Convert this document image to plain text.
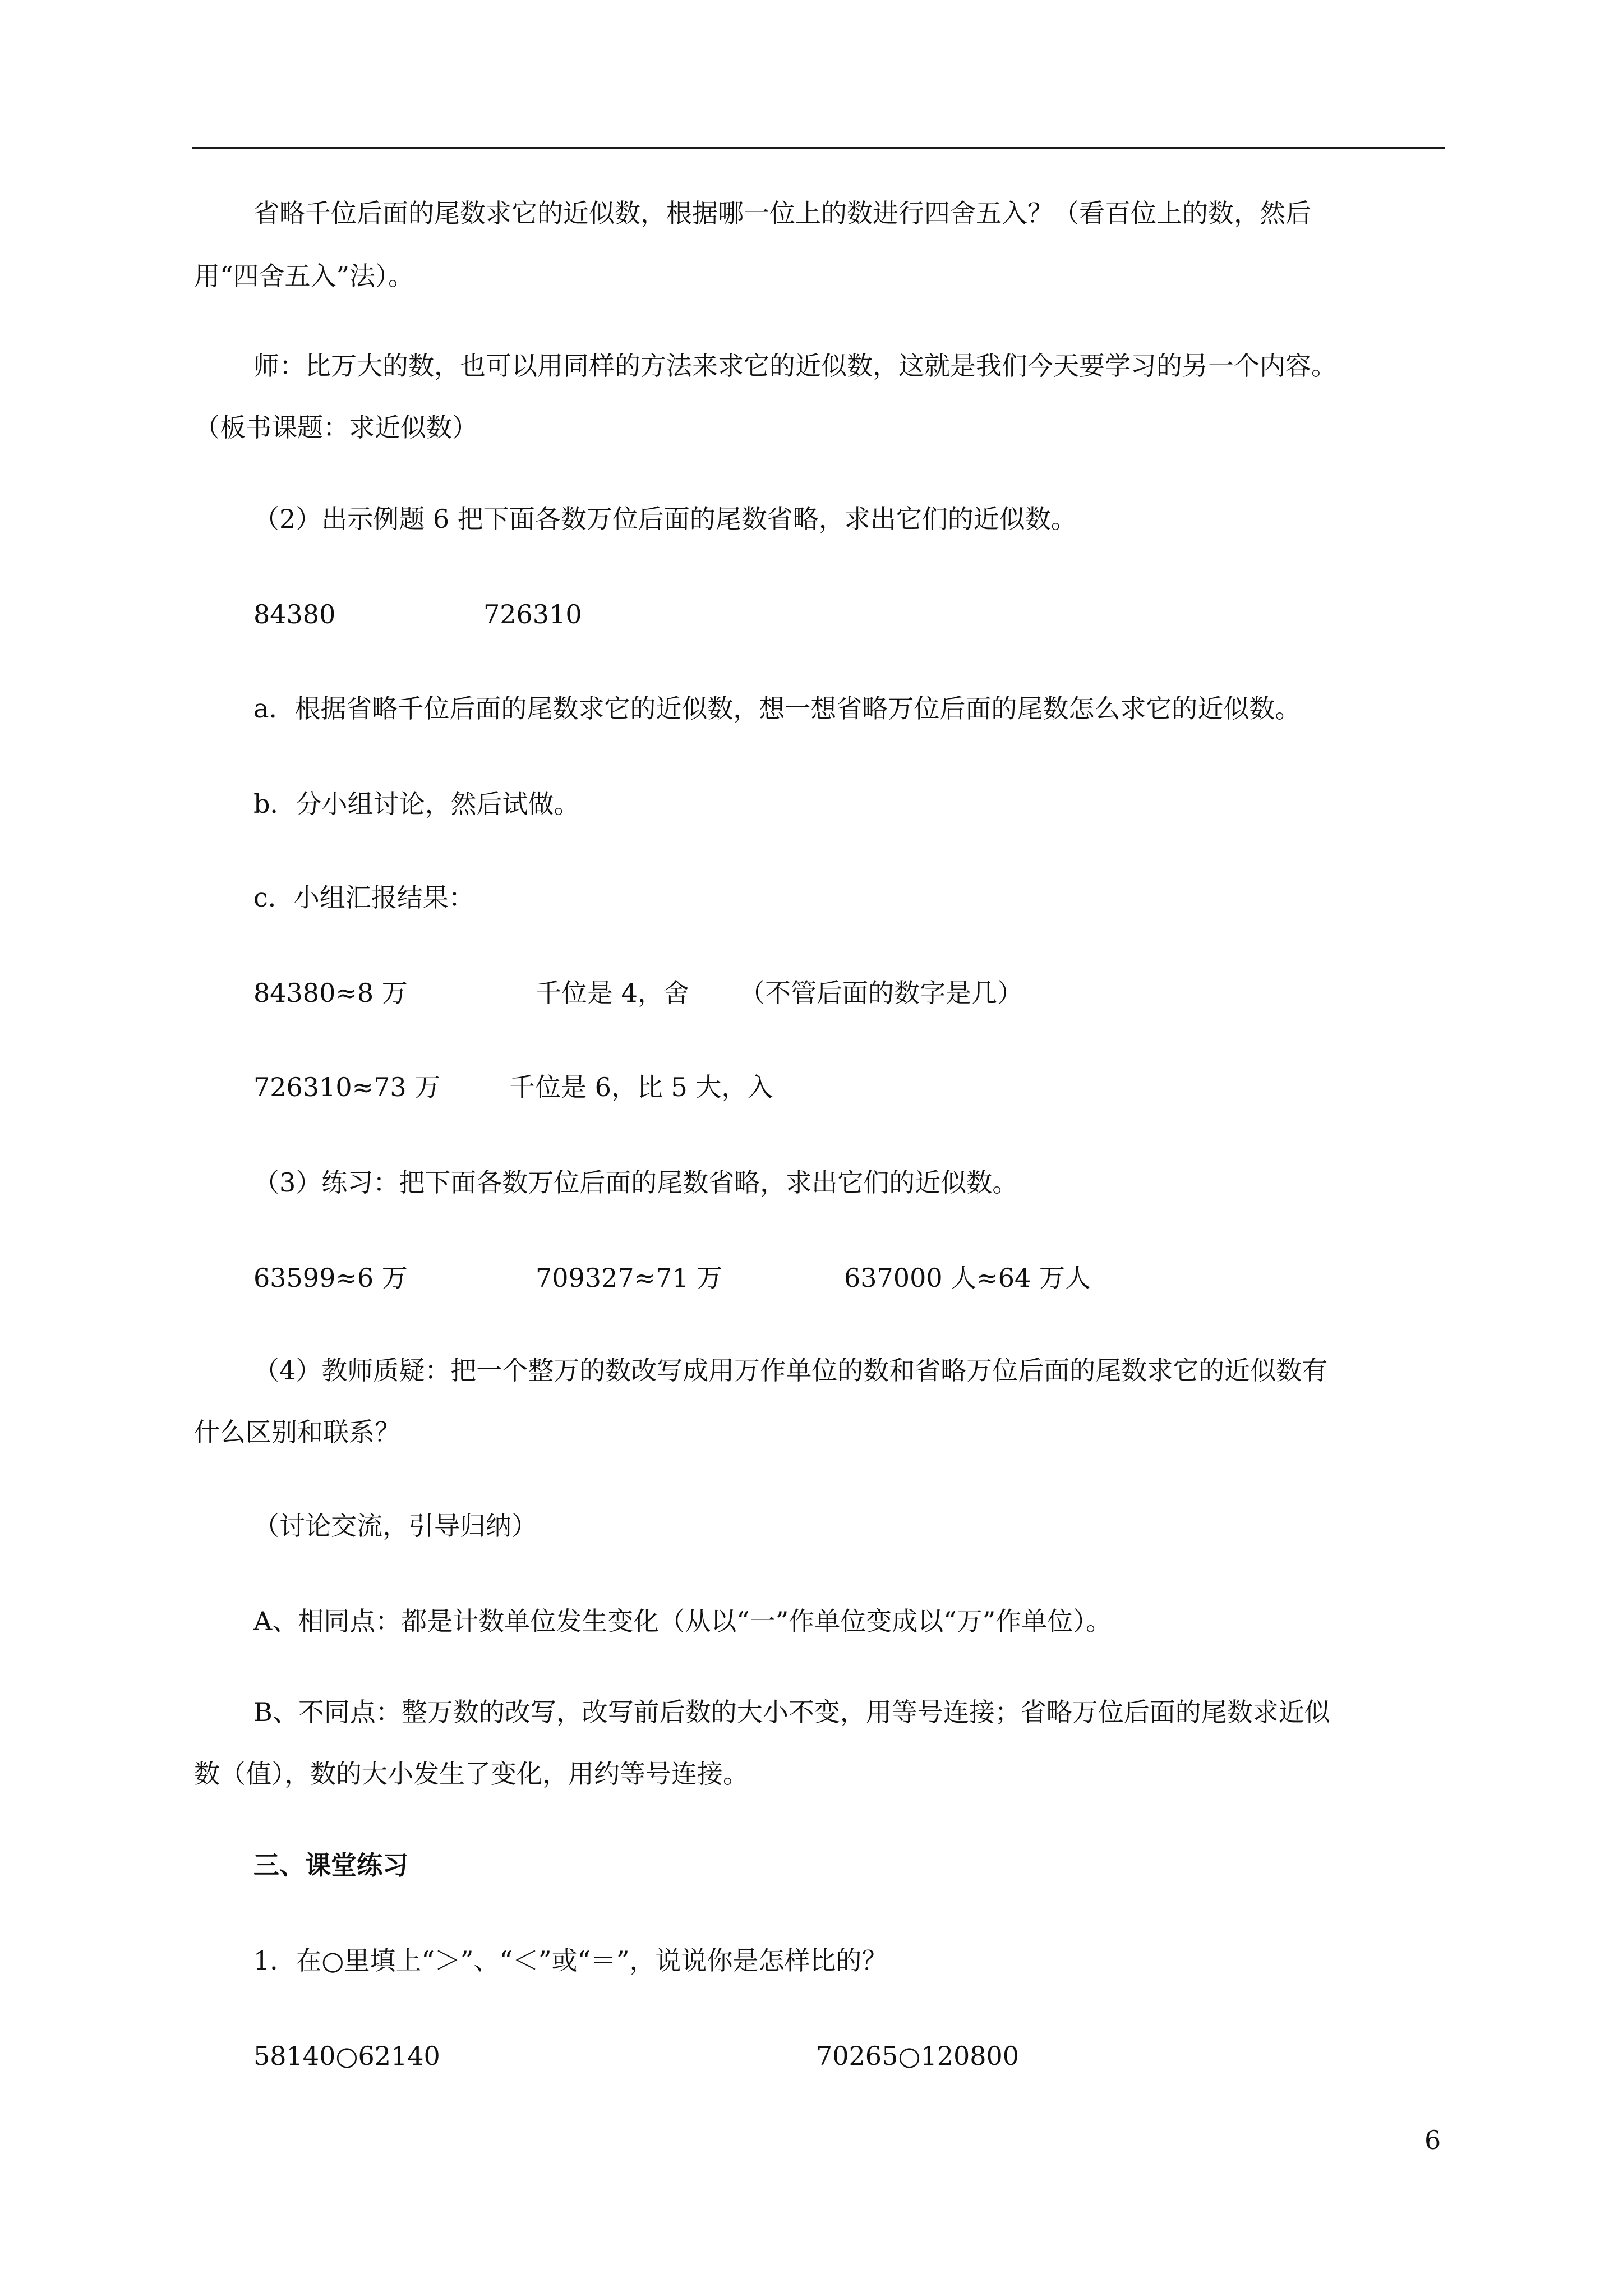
省略千位后面的尾数求它的近似数，根据哪一位上的数进行四舍五入？（看百位上的数，然后
用“四舍五入”法）。
师：比万大的数，也可以用同样的方法来求它的近似数，这就是我们今天要学习的另一个内容。
（板书课题：求近似数）
（2）出示例题 6 把下面各数万位后面的尾数省略，求出它们的近似数。
84380	726310
a．根据省略千位后面的尾数求它的近似数，想一想省略万位后面的尾数怎么求它的近似数。
b．分小组讨论，然后试做。
c．小组汇报结果：
84380≈8 万	千位是 4，舍 （不管后面的数字是几）
726310≈73 万	千位是 6，比 5 大，入
（3）练习：把下面各数万位后面的尾数省略，求出它们的近似数。
63599≈6 万	709327≈71 万	637000 人≈64 万人
（4）教师质疑：把一个整万的数改写成用万作单位的数和省略万位后面的尾数求它的近似数有
什么区别和联系？
（讨论交流，引导归纳）
A、相同点：都是计数单位发生变化（从以“一”作单位变成以“万”作单位）。
B、不同点：整万数的改写，改写前后数的大小不变，用等号连接；省略万位后面的尾数求近似
数（值），数的大小发生了变化，用约等号连接。
三、课堂练习
1．在○里填上“＞”、“＜”或“＝”，说说你是怎样比的？
58140○62140	70265○120800
6
